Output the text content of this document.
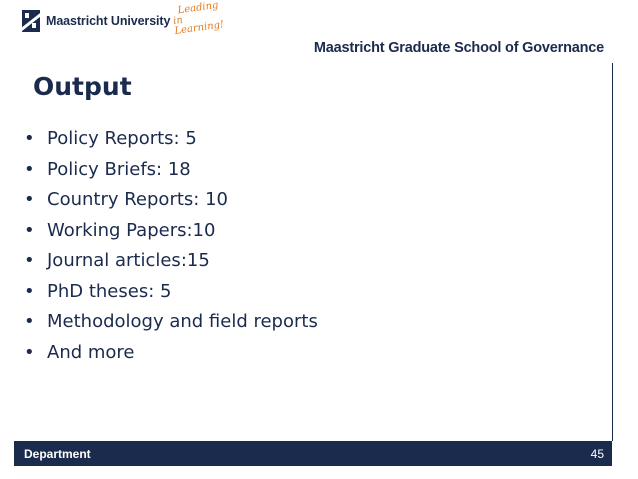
Maastricht University
Leading
in Learning!
Maastricht Graduate School of Governance
Output
• Policy Reports: 5
• Policy Briefs: 18
• Country Reports: 10
• Working Papers:10
• Journal articles:15
• PhD theses: 5
• Methodology and field reports
• And more
Department	45
